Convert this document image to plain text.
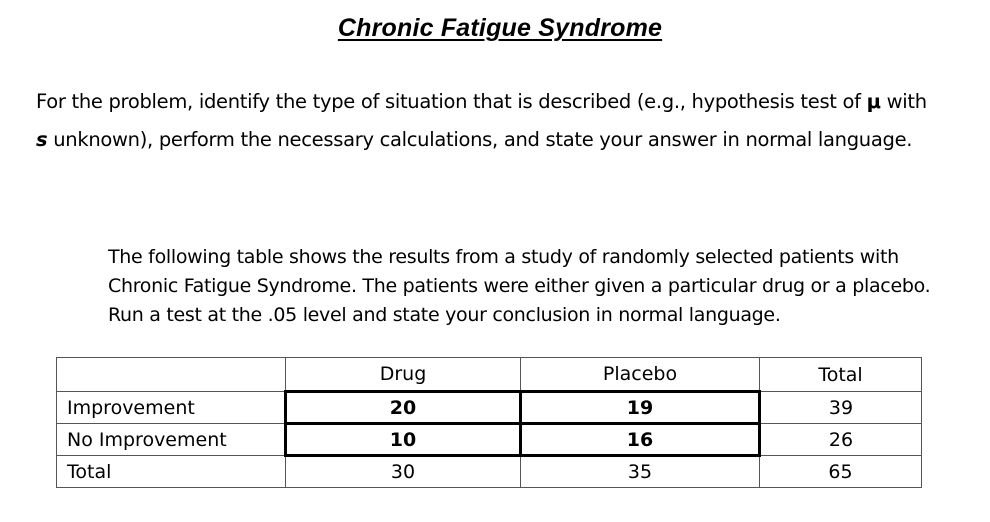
Chronic Fatigue Syndrome
For the problem, identify the type of situation that is described (e.g., hypothesis test of μ with
s unknown), perform the necessary calculations, and state your answer in normal language.

The following table shows the results from a study of randomly selected patients with

Chronic Fatigue Syndrome. The patients were either given a particular drug or a placebo.

Run a test at the .05 level and state your conclusion in normal language.

	Drug	Placebo	Total
Improvement	20	19	39
No Improvement	10	16	26
Total	30	35	65
